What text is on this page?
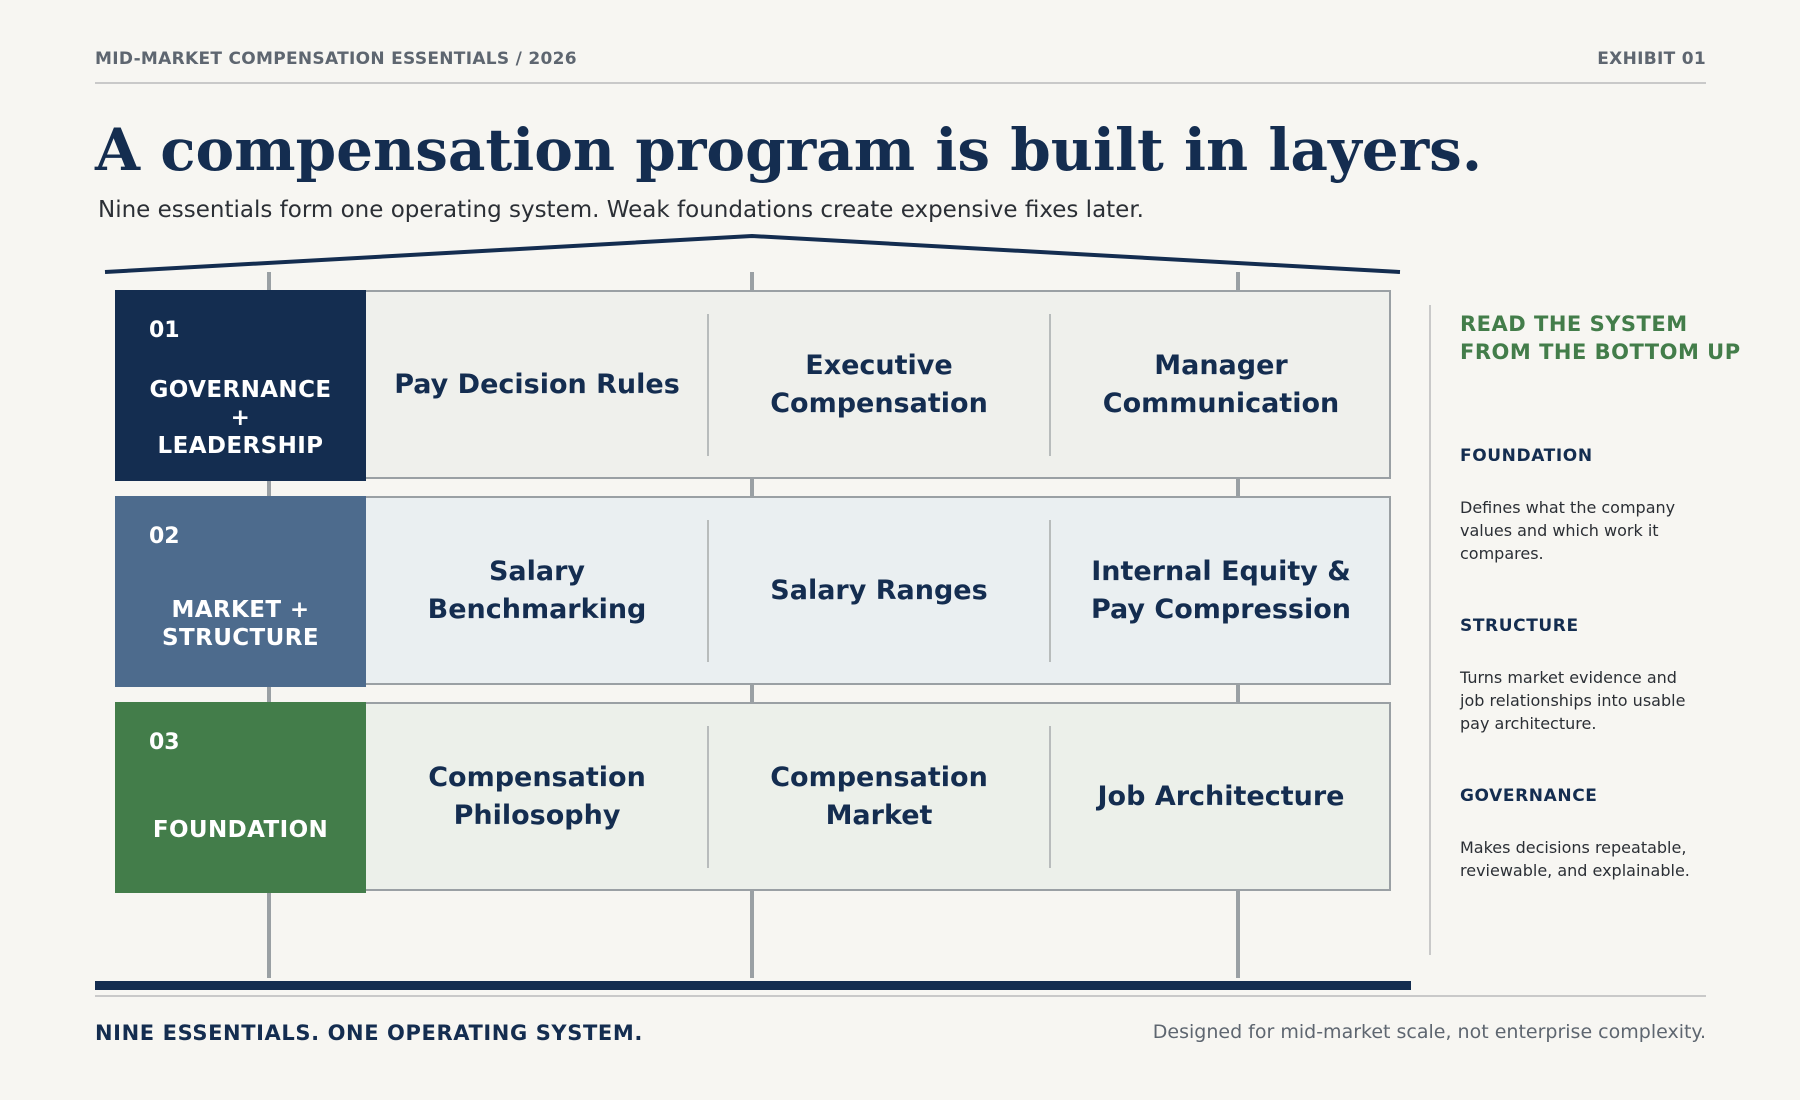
MID-MARKET COMPENSATION ESSENTIALS / 2026	EXHIBIT 01
A compensation program is built in layers.
Nine essentials form one operating system. Weak foundations create expensive fixes later.
01
GOVERNANCE
+
LEADERSHIP
Pay Decision Rules
Executive Compensation
Manager Communication
02
MARKET +
STRUCTURE
Salary Benchmarking
Salary Ranges
Internal Equity & Pay Compression
03
FOUNDATION
Compensation Philosophy
Compensation Market
Job Architecture
READ THE SYSTEM
FROM THE BOTTOM UP
FOUNDATION
Defines what the company values and which work it compares.
STRUCTURE
Turns market evidence and job relationships into usable pay architecture.
GOVERNANCE
Makes decisions repeatable, reviewable, and explainable.
NINE ESSENTIALS. ONE OPERATING SYSTEM.	Designed for mid-market scale, not enterprise complexity.
